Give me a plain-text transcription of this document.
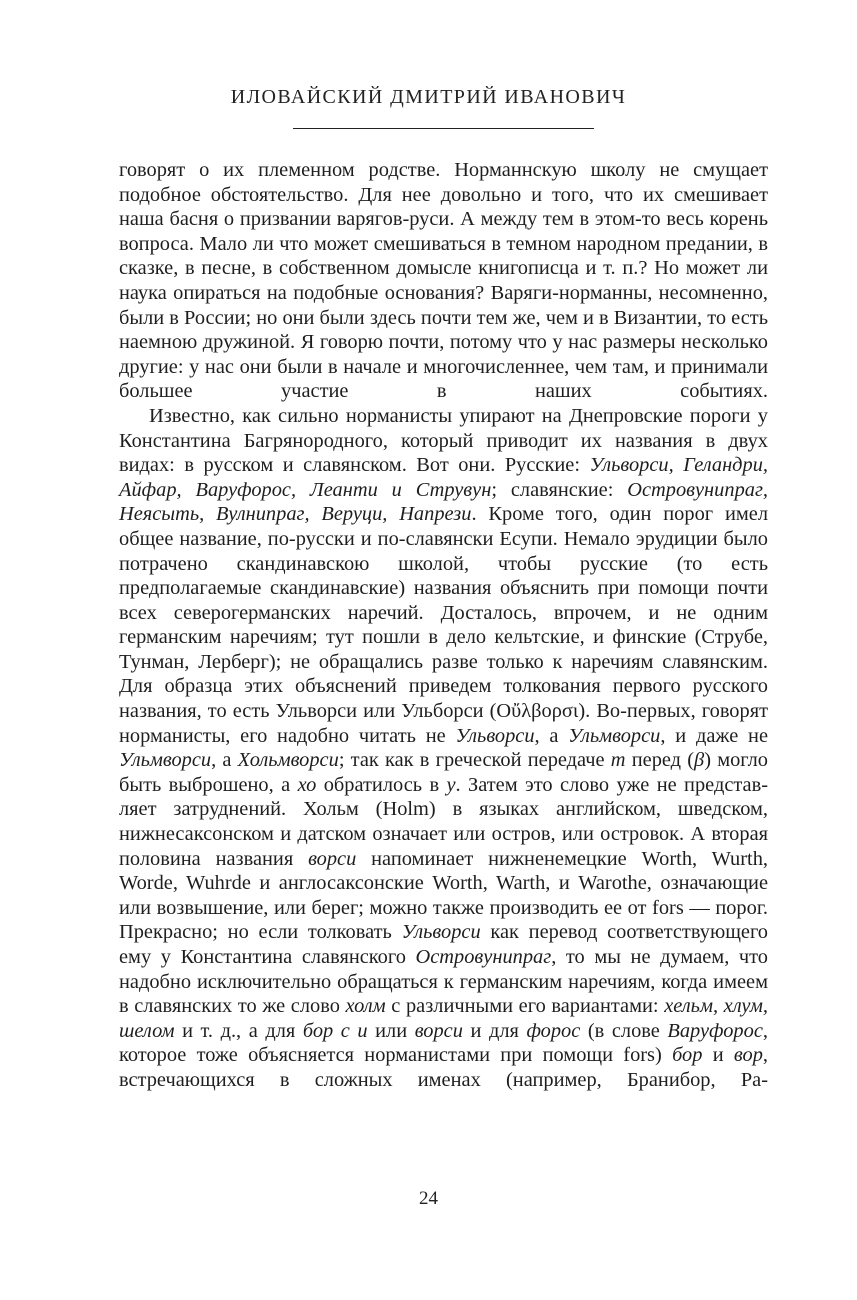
ИЛОВАЙСКИЙ ДМИТРИЙ ИВАНОВИЧ

говорят о их племенном родстве. Норманнскую школу не смущает подобное обстоятельство. Для нее довольно и того, что их смешивает наша басня о призвании варягов-руси. А между тем в этом-то весь корень вопроса. Мало ли что может смешиваться в темном народном предании, в сказке, в песне, в собственном домысле книгописца и т. п.? Но может ли наука опираться на подобные основания? Варяги-норманны, несомненно, были в России; но они были здесь почти тем же, чем и в Византии, то есть наемною дружиной. Я говорю почти, потому что у нас размеры несколько другие: у нас они были в начале и многочисленнее, чем там, и принимали большее участие в наших событиях.

Известно, как сильно норманисты упирают на Днепровские пороги у Константина Багрянородного, который приводит их названия в двух видах: в русском и славянском. Вот они. Русские: Ульворси, Геландри, Айфар, Варуфорос, Леанти и Струвун; славянские: Островунипраг, Неясыть, Вулнипраг, Веруци, Напрези. Кроме того, один порог имел общее название, по-русски и по-славянски Есупи. Немало эрудиции было потрачено скандинавскою школой, чтобы русские (то есть предполагаемые скандинавские) названия объяснить при помощи почти всех северогерманских наречий. Досталось, впрочем, и не одним германским наречиям; тут пошли в дело кельтские, и финские (Струбе, Тунман, Лерберг); не обращались разве только к наречиям славянским. Для образца этих объяснений приведем толкования первого русского названия, то есть Ульворси или Ульборси (Οὔλβορσι). Во-первых, говорят норманисты, его надобно читать не Ульворси, а Ульмворси, и даже не Ульмворси, а Хольмворси; так как в греческой передаче т перед (β) могло быть выброшено, а хо обратилось в у. Затем это слово уже не представляет затруднений. Хольм (Holm) в языках английском, шведском, нижнесаксонском и датском означает или остров, или островок. А вторая половина названия ворси напоминает нижненемецкие Worth, Wurth, Worde, Wuhrde и англосаксонские Worth, Warth, и Warothe, означающие или возвышение, или берег; можно также производить ее от fors — порог. Прекрасно; но если толковать Ульворси как перевод соответствующего ему у Константина славянского Островунипраг, то мы не думаем, что надобно исключительно обращаться к германским наречиям, когда имеем в славянских то же слово холм с различными его вариантами: хельм, хлум, шелом и т. д., а для бор с и или ворси и для форос (в слове Варуфорос, которое тоже объясняется норманистами при помощи fors) бор и вор, встречающихся в сложных именах (например, Бранибор, Ра-

24
